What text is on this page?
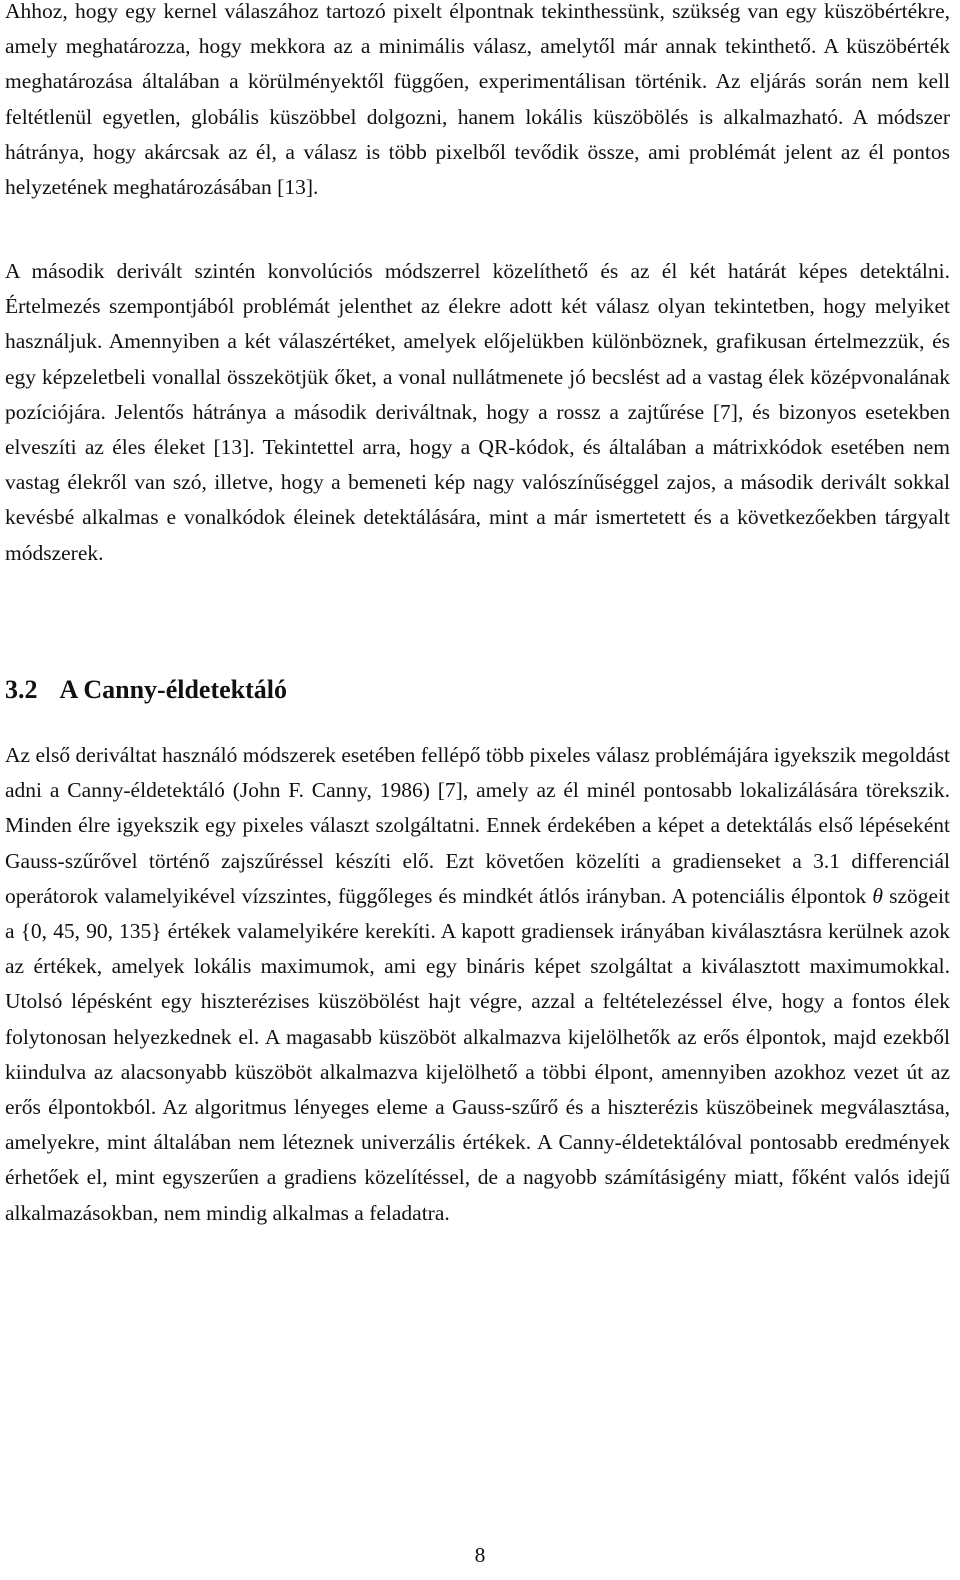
Ahhoz, hogy egy kernel válaszához tartozó pixelt élpontnak tekinthessünk, szükség van egy küszöbértékre, amely meghatározza, hogy mekkora az a minimális válasz, amelytől már annak tekinthető. A küszöbérték meghatározása általában a körülményektől függően, experimentálisan történik. Az eljárás során nem kell feltétlenül egyetlen, globális küszöbbel dolgozni, hanem lokális küszöbölés is alkalmazható. A módszer hátránya, hogy akárcsak az él, a válasz is több pixelből tevődik össze, ami problémát jelent az él pontos helyzetének meghatározásában [13].

A második derivált szintén konvolúciós módszerrel közelíthető és az él két határát képes detektálni. Értelmezés szempontjából problémát jelenthet az élekre adott két válasz olyan tekintetben, hogy melyiket használjuk. Amennyiben a két válaszértéket, amelyek előjelükben különböznek, grafikusan értelmezzük, és egy képzeletbeli vonallal összekötjük őket, a vonal nullátmenete jó becslést ad a vastag élek középvonalának pozíciójára. Jelentős hátránya a második deriváltnak, hogy a rossz a zajtűrése [7], és bizonyos esetekben elveszíti az éles éleket [13]. Tekintettel arra, hogy a QR-kódok, és általában a mátrixkódok esetében nem vastag élekről van szó, illetve, hogy a bemeneti kép nagy valószínűséggel zajos, a második derivált sokkal kevésbé alkalmas e vonalkódok éleinek detektálására, mint a már ismertetett és a következőekben tárgyalt módszerek.

3.2 A Canny-éldetektáló

Az első deriváltat használó módszerek esetében fellépő több pixeles válasz problémájára igyekszik megoldást adni a Canny-éldetektáló (John F. Canny, 1986) [7], amely az él minél pontosabb lokalizálására törekszik. Minden élre igyekszik egy pixeles választ szolgáltatni. Ennek érdekében a képet a detektálás első lépéseként Gauss-szűrővel történő zajszűréssel készíti elő. Ezt követően közelíti a gradienseket a 3.1 differenciál operátorok valamelyikével vízszintes, függőleges és mindkét átlós irányban. A potenciális élpontok θ szögeit a {0, 45, 90, 135} értékek valamelyikére kerekíti. A kapott gradiensek irányában kiválasztásra kerülnek azok az értékek, amelyek lokális maximumok, ami egy bináris képet szolgáltat a kiválasztott maximumokkal. Utolsó lépésként egy hiszterézises küszöbölést hajt végre, azzal a feltételezéssel élve, hogy a fontos élek folytonosan helyezkednek el. A magasabb küszöböt alkalmazva kijelölhetők az erős élpontok, majd ezekből kiindulva az alacsonyabb küszöböt alkalmazva kijelölhető a többi élpont, amennyiben azokhoz vezet út az erős élpontokból. Az algoritmus lényeges eleme a Gauss-szűrő és a hiszterézis küszöbeinek megválasztása, amelyekre, mint általában nem léteznek univerzális értékek. A Canny-éldetektálóval pontosabb eredmények érhetőek el, mint egyszerűen a gradiens közelítéssel, de a nagyobb számításigény miatt, főként valós idejű alkalmazásokban, nem mindig alkalmas a feladatra.

8
